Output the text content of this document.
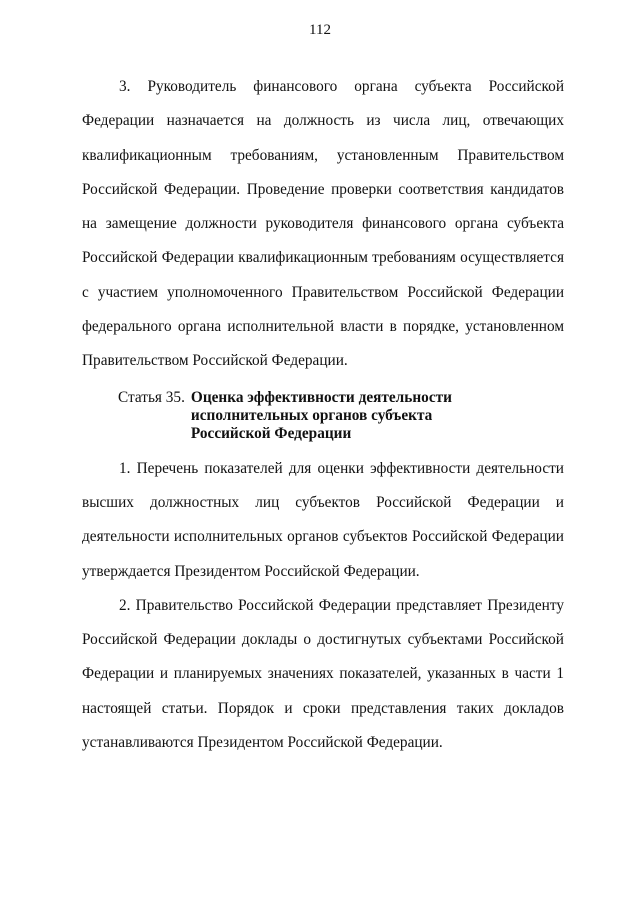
112

3. Руководитель финансового органа субъекта Российской Федерации назначается на должность из числа лиц, отвечающих квалификационным требованиям, установленным Правительством Российской Федерации. Проведение проверки соответствия кандидатов на замещение должности руководителя финансового органа субъекта Российской Федерации квалификационным требованиям осуществляется с участием уполномоченного Правительством Российской Федерации федерального органа исполнительной власти в порядке, установленном Правительством Российской Федерации.

Статья 35. Оценка эффективности деятельности
исполнительных органов субъекта
Российской Федерации

1. Перечень показателей для оценки эффективности деятельности высших должностных лиц субъектов Российской Федерации и деятельности исполнительных органов субъектов Российской Федерации утверждается Президентом Российской Федерации.

2. Правительство Российской Федерации представляет Президенту Российской Федерации доклады о достигнутых субъектами Российской Федерации и планируемых значениях показателей, указанных в части 1 настоящей статьи. Порядок и сроки представления таких докладов устанавливаются Президентом Российской Федерации.
